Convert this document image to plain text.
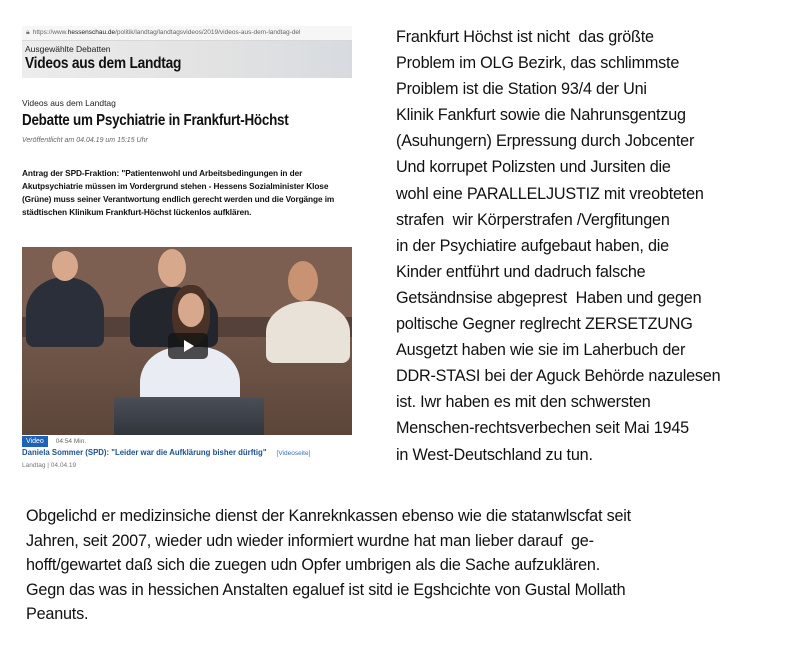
🔒︎ https://www.hessenschau.de/politik/landtag/landtagsvideos/2019/videos-aus-dem-landtag-del
Ausgewählte Debatten
Videos aus dem Landtag
Videos aus dem Landtag
Debatte um Psychiatrie in Frankfurt-Höchst
Veröffentlicht am 04.04.19 um 15:15 Uhr
Antrag der SPD-Fraktion: "Patientenwohl und Arbeitsbedingungen in der Akutpsychiatrie müssen im Vordergrund stehen - Hessens Sozialminister Klose (Grüne) muss seiner Verantwortung endlich gerecht werden und die Vorgänge im städtischen Klinikum Frankfurt-Höchst lückenlos aufklären.
Video 04:54 Min.
Daniela Sommer (SPD): "Leider war die Aufklärung bisher dürftig" [Videoseite]
Landtag | 04.04.19
Frankfurt Höchst ist nicht  das größte
Problem im OLG Bezirk, das schlimmste
Proiblem ist die Station 93/4 der Uni
Klinik Fankfurt sowie die Nahrunsgentzug
(Asuhungern) Erpressung durch Jobcenter
Und korrupet Polizsten und Jursiten die
wohl eine PARALLELJUSTIZ mit vreobteten
strafen  wir Körperstrafen /Vergfitungen
in der Psychiatire aufgebaut haben, die
Kinder entführt und dadruch falsche
Getsändnsise abgeprest  Haben und gegen
poltische Gegner reglrecht ZERSETZUNG
Ausgetzt haben wie sie im Laherbuch der
DDR-STASI bei der Aguck Behörde nazulesen
ist. Iwr haben es mit den schwersten
Menschen-rechtsverbechen seit Mai 1945
in West-Deutschland zu tun.
Obgelichd er medizinsiche dienst der Kanreknkassen ebenso wie die statanwlscfat seit
Jahren, seit 2007, wieder udn wieder informiert wurdne hat man lieber darauf  ge-
hofft/gewartet daß sich die zuegen udn Opfer umbrigen als die Sache aufzuklären.
Gegn das was in hessichen Anstalten egaluef ist sitd ie Egshcichte von Gustal Mollath
Peanuts.
